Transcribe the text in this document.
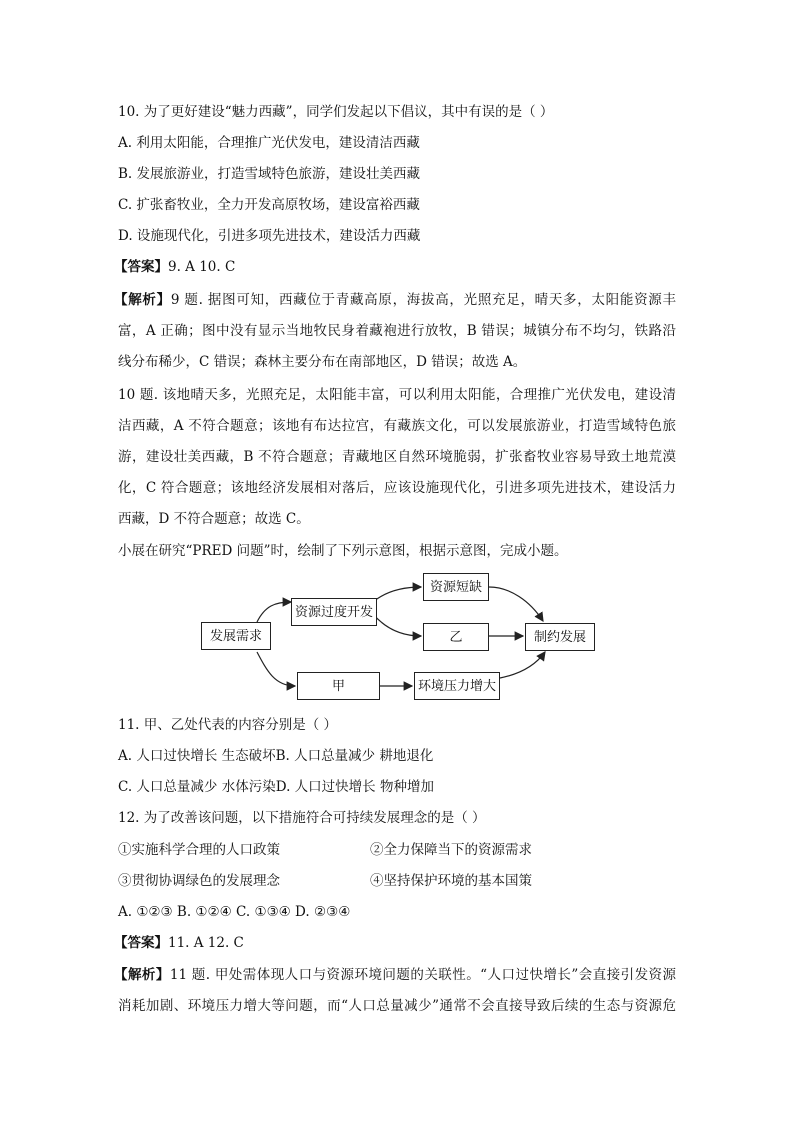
10. 为了更好建设“魅力西藏”，同学们发起以下倡议，其中有误的是（ ）
A. 利用太阳能，合理推广光伏发电，建设清洁西藏
B. 发展旅游业，打造雪域特色旅游，建设壮美西藏
C. 扩张畜牧业，全力开发高原牧场，建设富裕西藏
D. 设施现代化，引进多项先进技术，建设活力西藏
【答案】9. A 10. C
【解析】9 题. 据图可知，西藏位于青藏高原，海拔高，光照充足，晴天多，太阳能资源丰
富，A 正确；图中没有显示当地牧民身着藏袍进行放牧，B 错误；城镇分布不均匀，铁路沿
线分布稀少，C 错误；森林主要分布在南部地区，D 错误；故选 A。
10 题. 该地晴天多，光照充足，太阳能丰富，可以利用太阳能，合理推广光伏发电，建设清
洁西藏，A 不符合题意；该地有布达拉宫，有藏族文化，可以发展旅游业，打造雪域特色旅
游，建设壮美西藏，B 不符合题意；青藏地区自然环境脆弱，扩张畜牧业容易导致土地荒漠
化，C 符合题意；该地经济发展相对落后，应该设施现代化，引进多项先进技术，建设活力
西藏，D 不符合题意；故选 C。
小展在研究“PRED 问题”时，绘制了下列示意图，根据示意图，完成小题。
发展需求
资源过度开发
资源短缺
乙	制约发展
甲	环境压力增大
11. 甲、乙处代表的内容分别是（ ）
A. 人口过快增长 生态破坏B. 人口总量减少 耕地退化
C. 人口总量减少 水体污染D. 人口过快增长 物种增加
12. 为了改善该问题，以下措施符合可持续发展理念的是（ ）
①实施科学合理的人口政策	②全力保障当下的资源需求
③贯彻协调绿色的发展理念	④坚持保护环境的基本国策
A. ①②③ B. ①②④ C. ①③④ D. ②③④
【答案】11. A 12. C
【解析】11 题. 甲处需体现人口与资源环境问题的关联性。“人口过快增长”会直接引发资源
消耗加剧、环境压力增大等问题，而“人口总量减少”通常不会直接导致后续的生态与资源危
